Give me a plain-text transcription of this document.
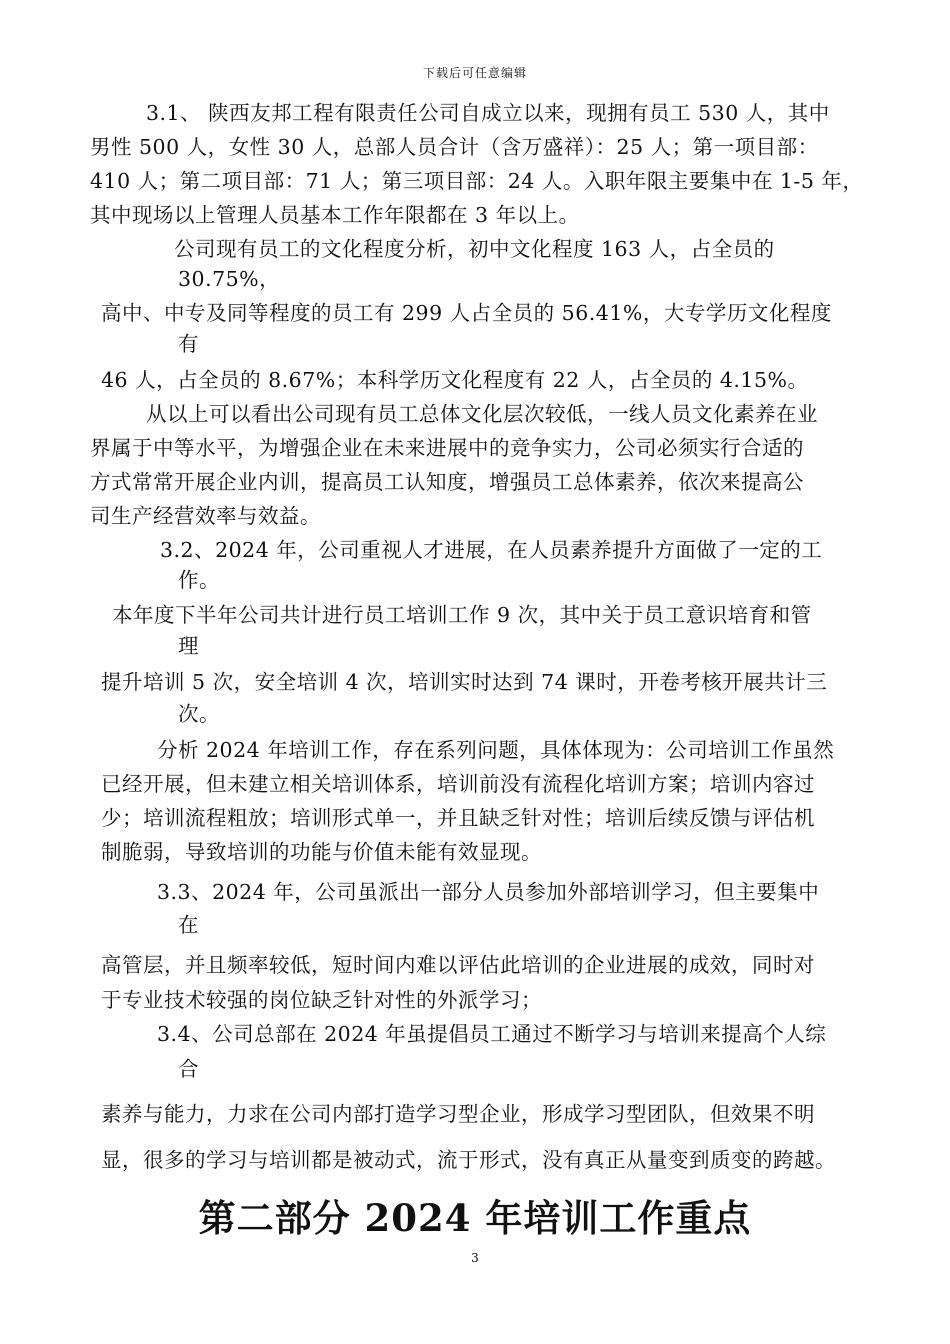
下载后可任意编辑
3.1、 陕西友邦工程有限责任公司自成立以来，现拥有员工 530 人，其中
男性 500 人，女性 30 人，总部人员合计（含万盛祥）：25 人；第一项目部：
410 人；第二项目部：71 人；第三项目部：24 人。入职年限主要集中在 1-5 年，
其中现场以上管理人员基本工作年限都在 3 年以上。
公司现有员工的文化程度分析，初中文化程度 163 人，占全员的
30.75%，
高中、中专及同等程度的员工有 299 人占全员的 56.41%，大专学历文化程度
有
46 人，占全员的 8.67%；本科学历文化程度有 22 人，占全员的 4.15%。
从以上可以看出公司现有员工总体文化层次较低，一线人员文化素养在业
界属于中等水平，为增强企业在未来进展中的竞争实力，公司必须实行合适的
方式常常开展企业内训，提高员工认知度，增强员工总体素养，依次来提高公
司生产经营效率与效益。
3.2、2024 年，公司重视人才进展，在人员素养提升方面做了一定的工
作。
本年度下半年公司共计进行员工培训工作 9 次，其中关于员工意识培育和管
理
提升培训 5 次，安全培训 4 次，培训实时达到 74 课时，开卷考核开展共计三
次。
分析 2024 年培训工作，存在系列问题，具体体现为：公司培训工作虽然
已经开展，但未建立相关培训体系，培训前没有流程化培训方案；培训内容过
少；培训流程粗放；培训形式单一，并且缺乏针对性；培训后续反馈与评估机
制脆弱，导致培训的功能与价值未能有效显现。
3.3、2024 年，公司虽派出一部分人员参加外部培训学习，但主要集中
在
高管层，并且频率较低，短时间内难以评估此培训的企业进展的成效，同时对
于专业技术较强的岗位缺乏针对性的外派学习；
3.4、公司总部在 2024 年虽提倡员工通过不断学习与培训来提高个人综
合
素养与能力，力求在公司内部打造学习型企业，形成学习型团队，但效果不明
显，很多的学习与培训都是被动式，流于形式，没有真正从量变到质变的跨越。
第二部分 2024 年培训工作重点
3
